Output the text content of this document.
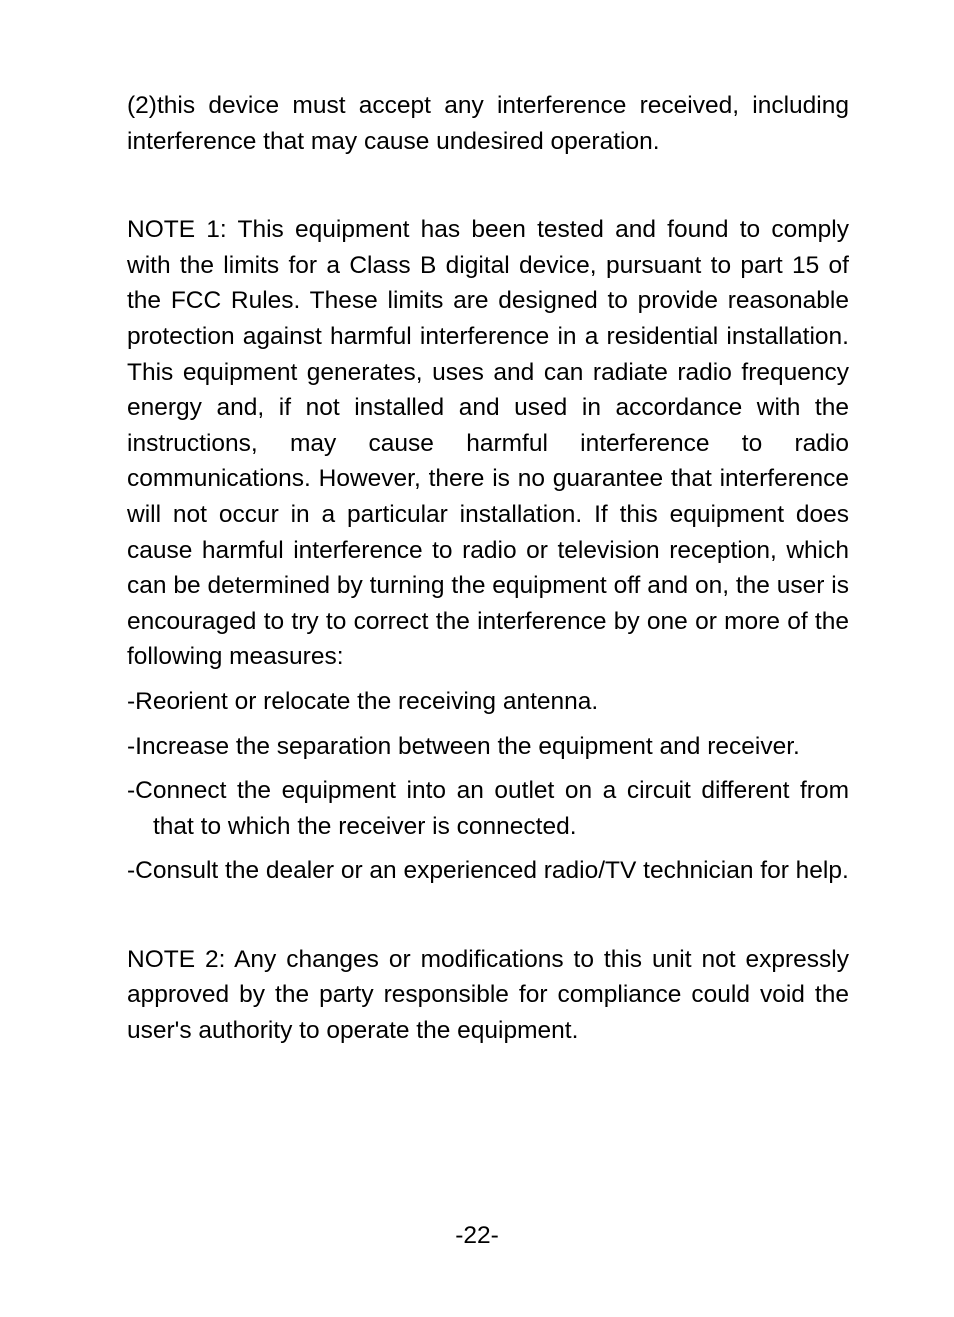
(2)this device must accept any interference received, including interference that may cause undesired operation.

NOTE 1: This equipment has been tested and found to comply with the limits for a Class B digital device, pursuant to part 15 of the FCC Rules. These limits are designed to provide reasonable protection against harmful interference in a residential installation. This equipment generates, uses and can radiate radio frequency energy and, if not installed and used in accordance with the instructions, may cause harmful interference to radio communications. However, there is no guarantee that interference will not occur in a particular installation. If this equipment does cause harmful interference to radio or television reception, which can be determined by turning the equipment off and on, the user is encouraged to try to correct the interference by one or more of the following measures:

-Reorient or relocate the receiving antenna.

-Increase the separation between the equipment and receiver.

-Connect the equipment into an outlet on a circuit different from that to which the receiver is connected.

-Consult the dealer or an experienced radio/TV technician for help.

NOTE 2: Any changes or modifications to this unit not expressly approved by the party responsible for compliance could void the user's authority to operate the equipment.

-22-
